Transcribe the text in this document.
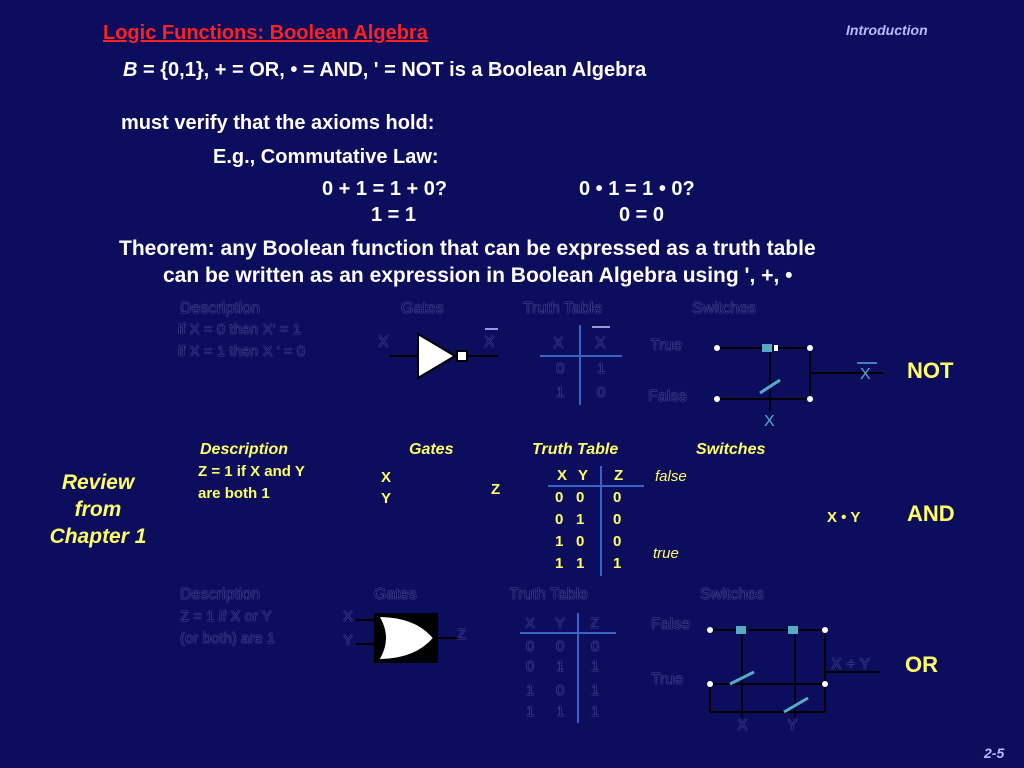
Logic Functions: Boolean Algebra	Introduction
B = {0,1}, + = OR, • = AND, ' = NOT is a Boolean Algebra
must verify that the axioms hold:
E.g., Commutative Law:
0 + 1 = 1 + 0?
1 = 1
0 • 1 = 1 • 0?
0 = 0
Theorem: any Boolean function that can be expressed as a truth table
can be written as an expression in Boolean Algebra using ', +, •
Review
from
Chapter 1
Description	Gates	Truth Table	Switches
if X = 0 then X' = 1
if X = 1 then X ' = 0
X	X	X X
0 1
1 0
True
False
X
X
NOT
Description	Gates	Truth Table	Switches
Z = 1 if X and Y
are both 1
X
Y
Z
X Y Z
0 0 0
0 1 0
1 0 0
1 1 1
false
true
X • Y AND
Description	Gates	Truth Table	Switches
Z = 1 if X or Y
(or both) are 1
X
Y	Z
X Y Z
0 0 0
0 1 1
1 0 1
1 1 1
False
True
X + Y
X Y
OR
2-5
